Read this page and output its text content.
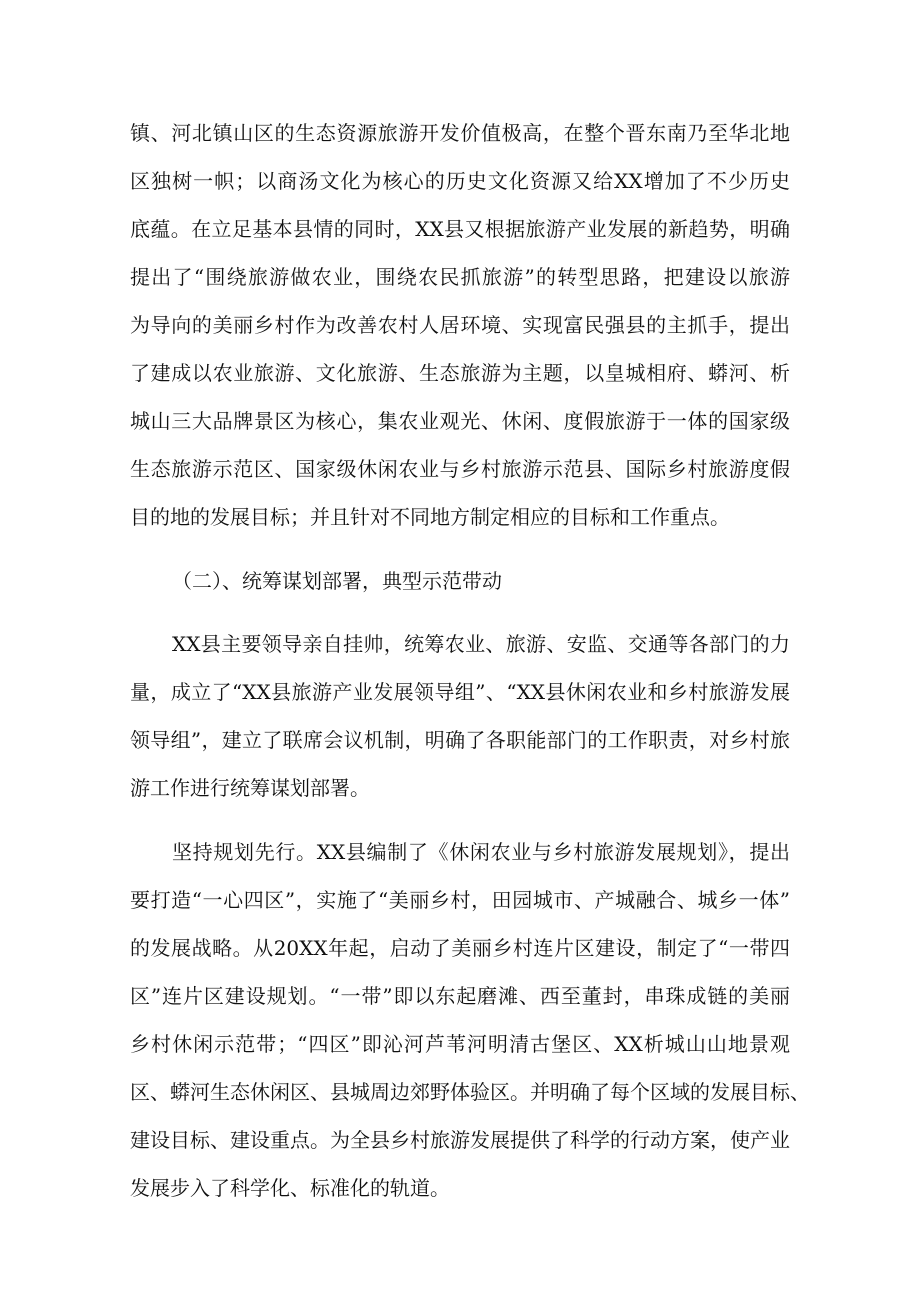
镇、河北镇山区的生态资源旅游开发价值极高，在整个晋东南乃至华北地
区独树一帜；以商汤文化为核心的历史文化资源又给XX增加了不少历史
底蕴。在立足基本县情的同时，XX县又根据旅游产业发展的新趋势，明确
提出了“围绕旅游做农业，围绕农民抓旅游”的转型思路，把建设以旅游
为导向的美丽乡村作为改善农村人居环境、实现富民强县的主抓手，提出
了建成以农业旅游、文化旅游、生态旅游为主题，以皇城相府、蟒河、析
城山三大品牌景区为核心，集农业观光、休闲、度假旅游于一体的国家级
生态旅游示范区、国家级休闲农业与乡村旅游示范县、国际乡村旅游度假
目的地的发展目标；并且针对不同地方制定相应的目标和工作重点。
（二）、统筹谋划部署，典型示范带动
XX县主要领导亲自挂帅，统筹农业、旅游、安监、交通等各部门的力
量，成立了“XX县旅游产业发展领导组”、“XX县休闲农业和乡村旅游发展
领导组”，建立了联席会议机制，明确了各职能部门的工作职责，对乡村旅
游工作进行统筹谋划部署。
坚持规划先行。XX县编制了《休闲农业与乡村旅游发展规划》，提出
要打造“一心四区”，实施了“美丽乡村，田园城市、产城融合、城乡一体”
的发展战略。从20XX年起，启动了美丽乡村连片区建设，制定了“一带四
区”连片区建设规划。“一带”即以东起磨滩、西至董封，串珠成链的美丽
乡村休闲示范带；“四区”即沁河芦苇河明清古堡区、XX析城山山地景观
区、蟒河生态休闲区、县城周边郊野体验区。并明确了每个区域的发展目标、
建设目标、建设重点。为全县乡村旅游发展提供了科学的行动方案，使产业
发展步入了科学化、标准化的轨道。
